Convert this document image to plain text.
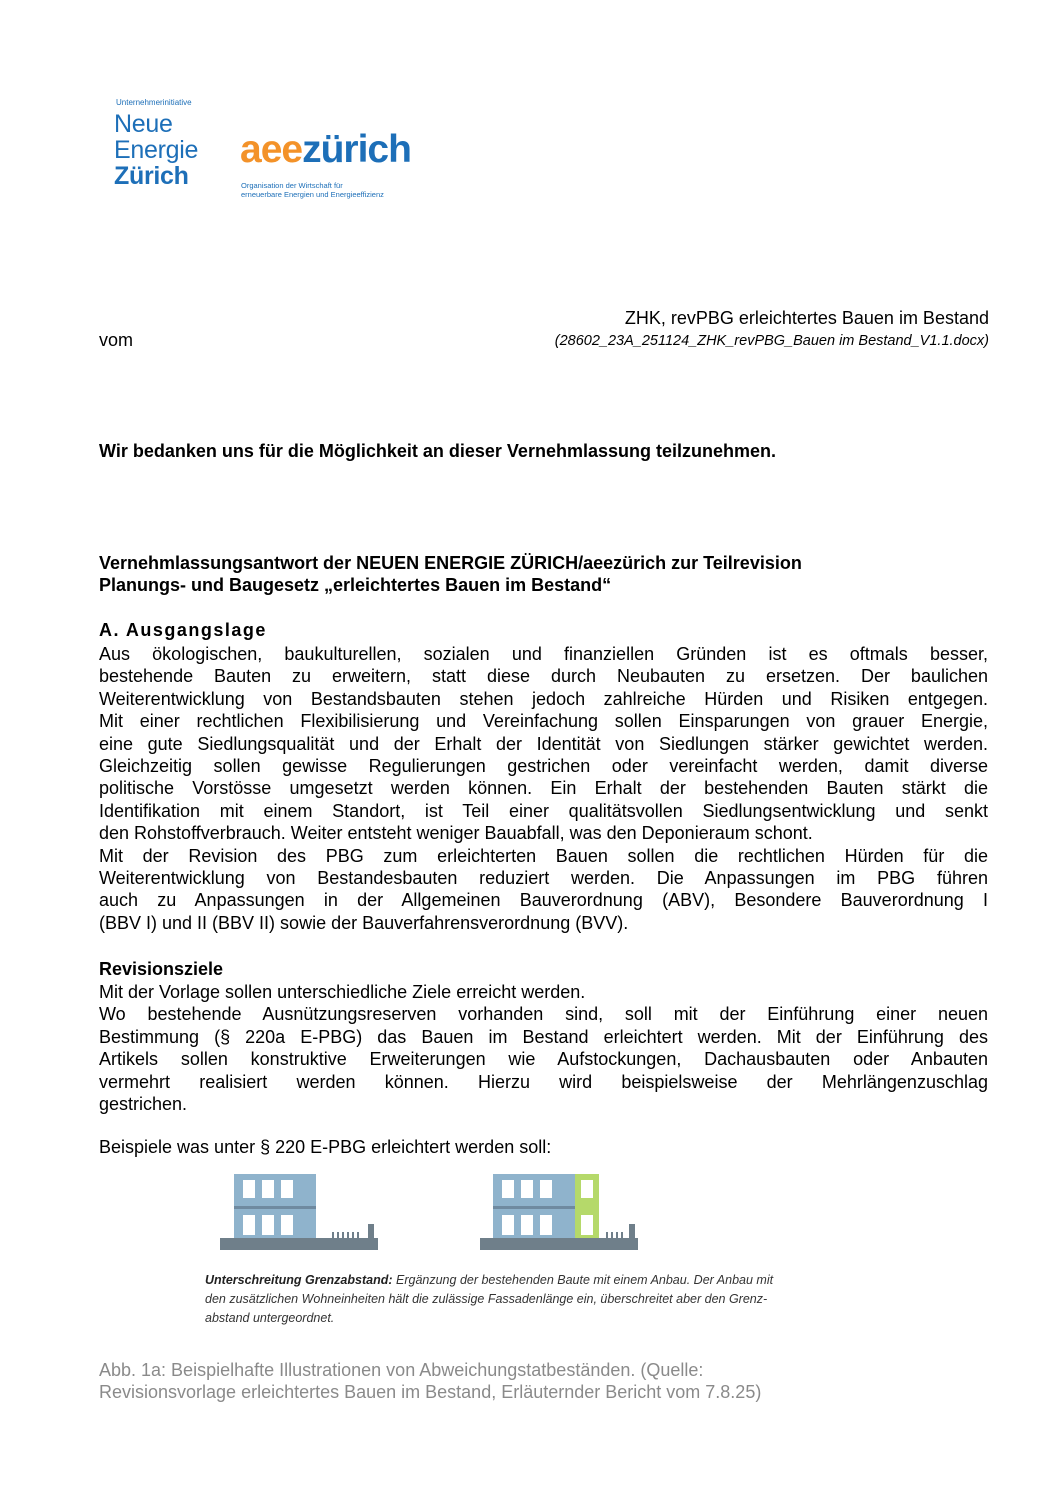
Unternehmerinitiative
Neue
Energie
Zürich
aeezürich
Organisation der Wirtschaft für
erneuerbare Energien und Energieeffizienz
ZHK, revPBG erleichtertes Bauen im Bestand
vom	(28602_23A_251124_ZHK_revPBG_Bauen im Bestand_V1.1.docx)
Wir bedanken uns für die Möglichkeit an dieser Vernehmlassung teilzunehmen.
Vernehmlassungsantwort der NEUEN ENERGIE ZÜRICH/aeezürich zur Teilrevision
Planungs- und Baugesetz „erleichtertes Bauen im Bestand“
A. Ausgangslage
Aus ökologischen, baukulturellen, sozialen und finanziellen Gründen ist es oftmals besser,
bestehende Bauten zu erweitern, statt diese durch Neubauten zu ersetzen. Der baulichen
Weiterentwicklung von Bestandsbauten stehen jedoch zahlreiche Hürden und Risiken entgegen.
Mit einer rechtlichen Flexibilisierung und Vereinfachung sollen Einsparungen von grauer Energie,
eine gute Siedlungsqualität und der Erhalt der Identität von Siedlungen stärker gewichtet werden.
Gleichzeitig sollen gewisse Regulierungen gestrichen oder vereinfacht werden, damit diverse
politische Vorstösse umgesetzt werden können. Ein Erhalt der bestehenden Bauten stärkt die
Identifikation mit einem Standort, ist Teil einer qualitätsvollen Siedlungsentwicklung und senkt
den Rohstoffverbrauch. Weiter entsteht weniger Bauabfall, was den Deponieraum schont.
Mit der Revision des PBG zum erleichterten Bauen sollen die rechtlichen Hürden für die
Weiterentwicklung von Bestandesbauten reduziert werden. Die Anpassungen im PBG führen
auch zu Anpassungen in der Allgemeinen Bauverordnung (ABV), Besondere Bauverordnung I
(BBV I) und II (BBV II) sowie der Bauverfahrensverordnung (BVV).
Revisionsziele
Mit der Vorlage sollen unterschiedliche Ziele erreicht werden.
Wo bestehende Ausnützungsreserven vorhanden sind, soll mit der Einführung einer neuen
Bestimmung (§ 220a E-PBG) das Bauen im Bestand erleichtert werden. Mit der Einführung des
Artikels sollen konstruktive Erweiterungen wie Aufstockungen, Dachausbauten oder Anbauten
vermehrt realisiert werden können. Hierzu wird beispielsweise der Mehrlängenzuschlag
gestrichen.
Beispiele was unter § 220 E-PBG erleichtert werden soll:
Unterschreitung Grenzabstand: Ergänzung der bestehenden Baute mit einem Anbau. Der Anbau mit
den zusätzlichen Wohneinheiten hält die zulässige Fassadenlänge ein, überschreitet aber den Grenz-
abstand untergeordnet.
Abb. 1a: Beispielhafte Illustrationen von Abweichungstatbeständen. (Quelle:
Revisionsvorlage erleichtertes Bauen im Bestand, Erläuternder Bericht vom 7.8.25)
